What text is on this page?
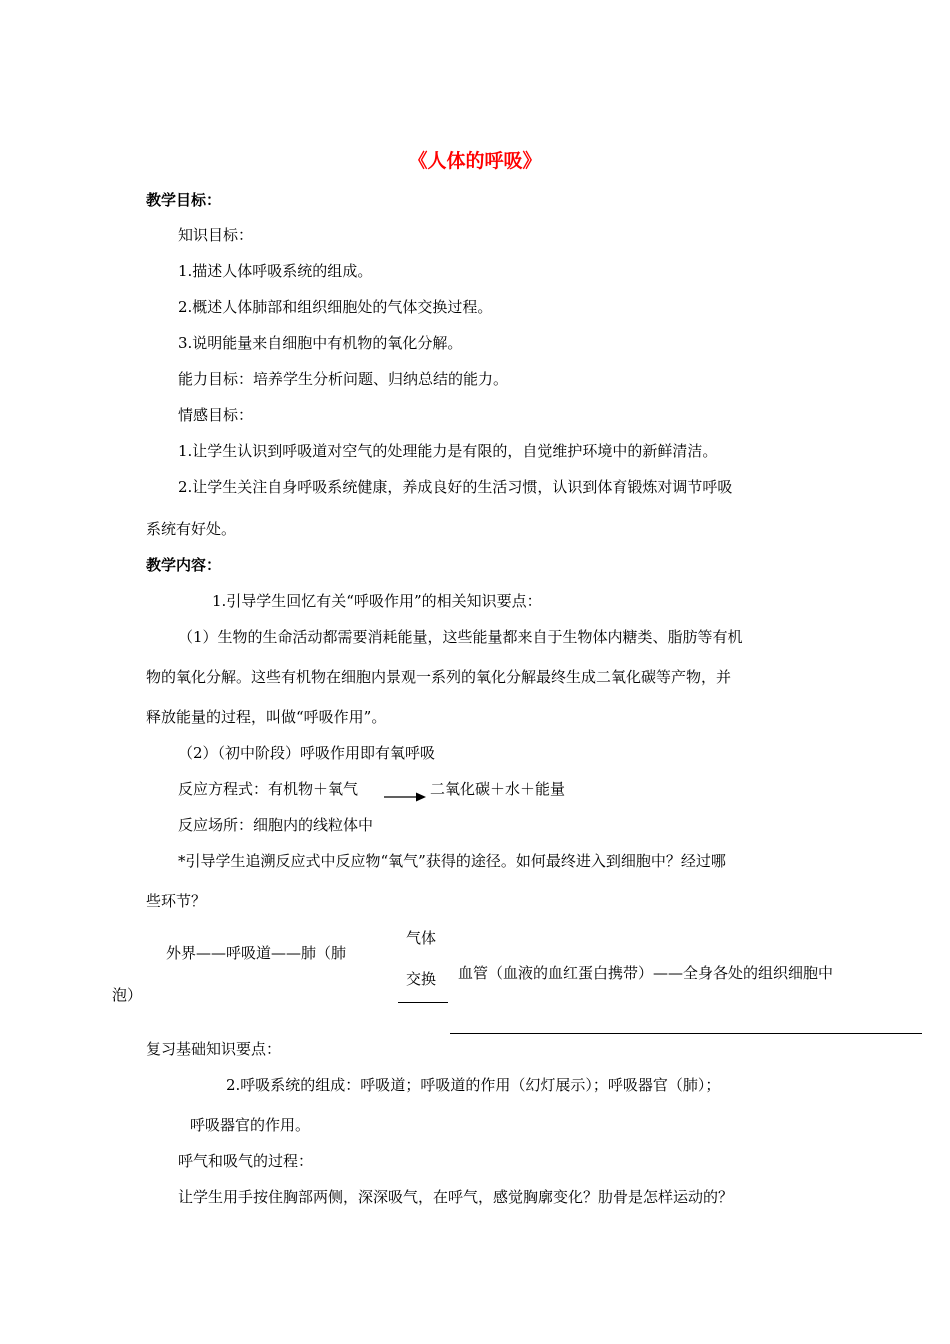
《人体的呼吸》
教学目标：
知识目标：
1.描述人体呼吸系统的组成。
2.概述人体肺部和组织细胞处的气体交换过程。
3.说明能量来自细胞中有机物的氧化分解。
能力目标：培养学生分析问题、归纳总结的能力。
情感目标：
1.让学生认识到呼吸道对空气的处理能力是有限的，自觉维护环境中的新鲜清洁。
2.让学生关注自身呼吸系统健康，养成良好的生活习惯，认识到体育锻炼对调节呼吸
系统有好处。
教学内容：
1.引导学生回忆有关“呼吸作用”的相关知识要点：
（1）生物的生命活动都需要消耗能量，这些能量都来自于生物体内糖类、脂肪等有机
物的氧化分解。这些有机物在细胞内景观一系列的氧化分解最终生成二氧化碳等产物，并
释放能量的过程，叫做“呼吸作用”。
（2）（初中阶段）呼吸作用即有氧呼吸
反应方程式：有机物＋氧气 → 二氧化碳＋水＋能量
反应场所：细胞内的线粒体中
*引导学生追溯反应式中反应物“氧气”获得的途径。如何最终进入到细胞中？经过哪
些环节？
外界——呼吸道——肺（肺
气体
交换 血管（血液的血红蛋白携带）——全身各处的组织细胞中
泡）
复习基础知识要点：
2.呼吸系统的组成：呼吸道；呼吸道的作用（幻灯展示）；呼吸器官（肺）；
呼吸器官的作用。
呼气和吸气的过程：
让学生用手按住胸部两侧，深深吸气，在呼气，感觉胸廓变化？肋骨是怎样运动的？
